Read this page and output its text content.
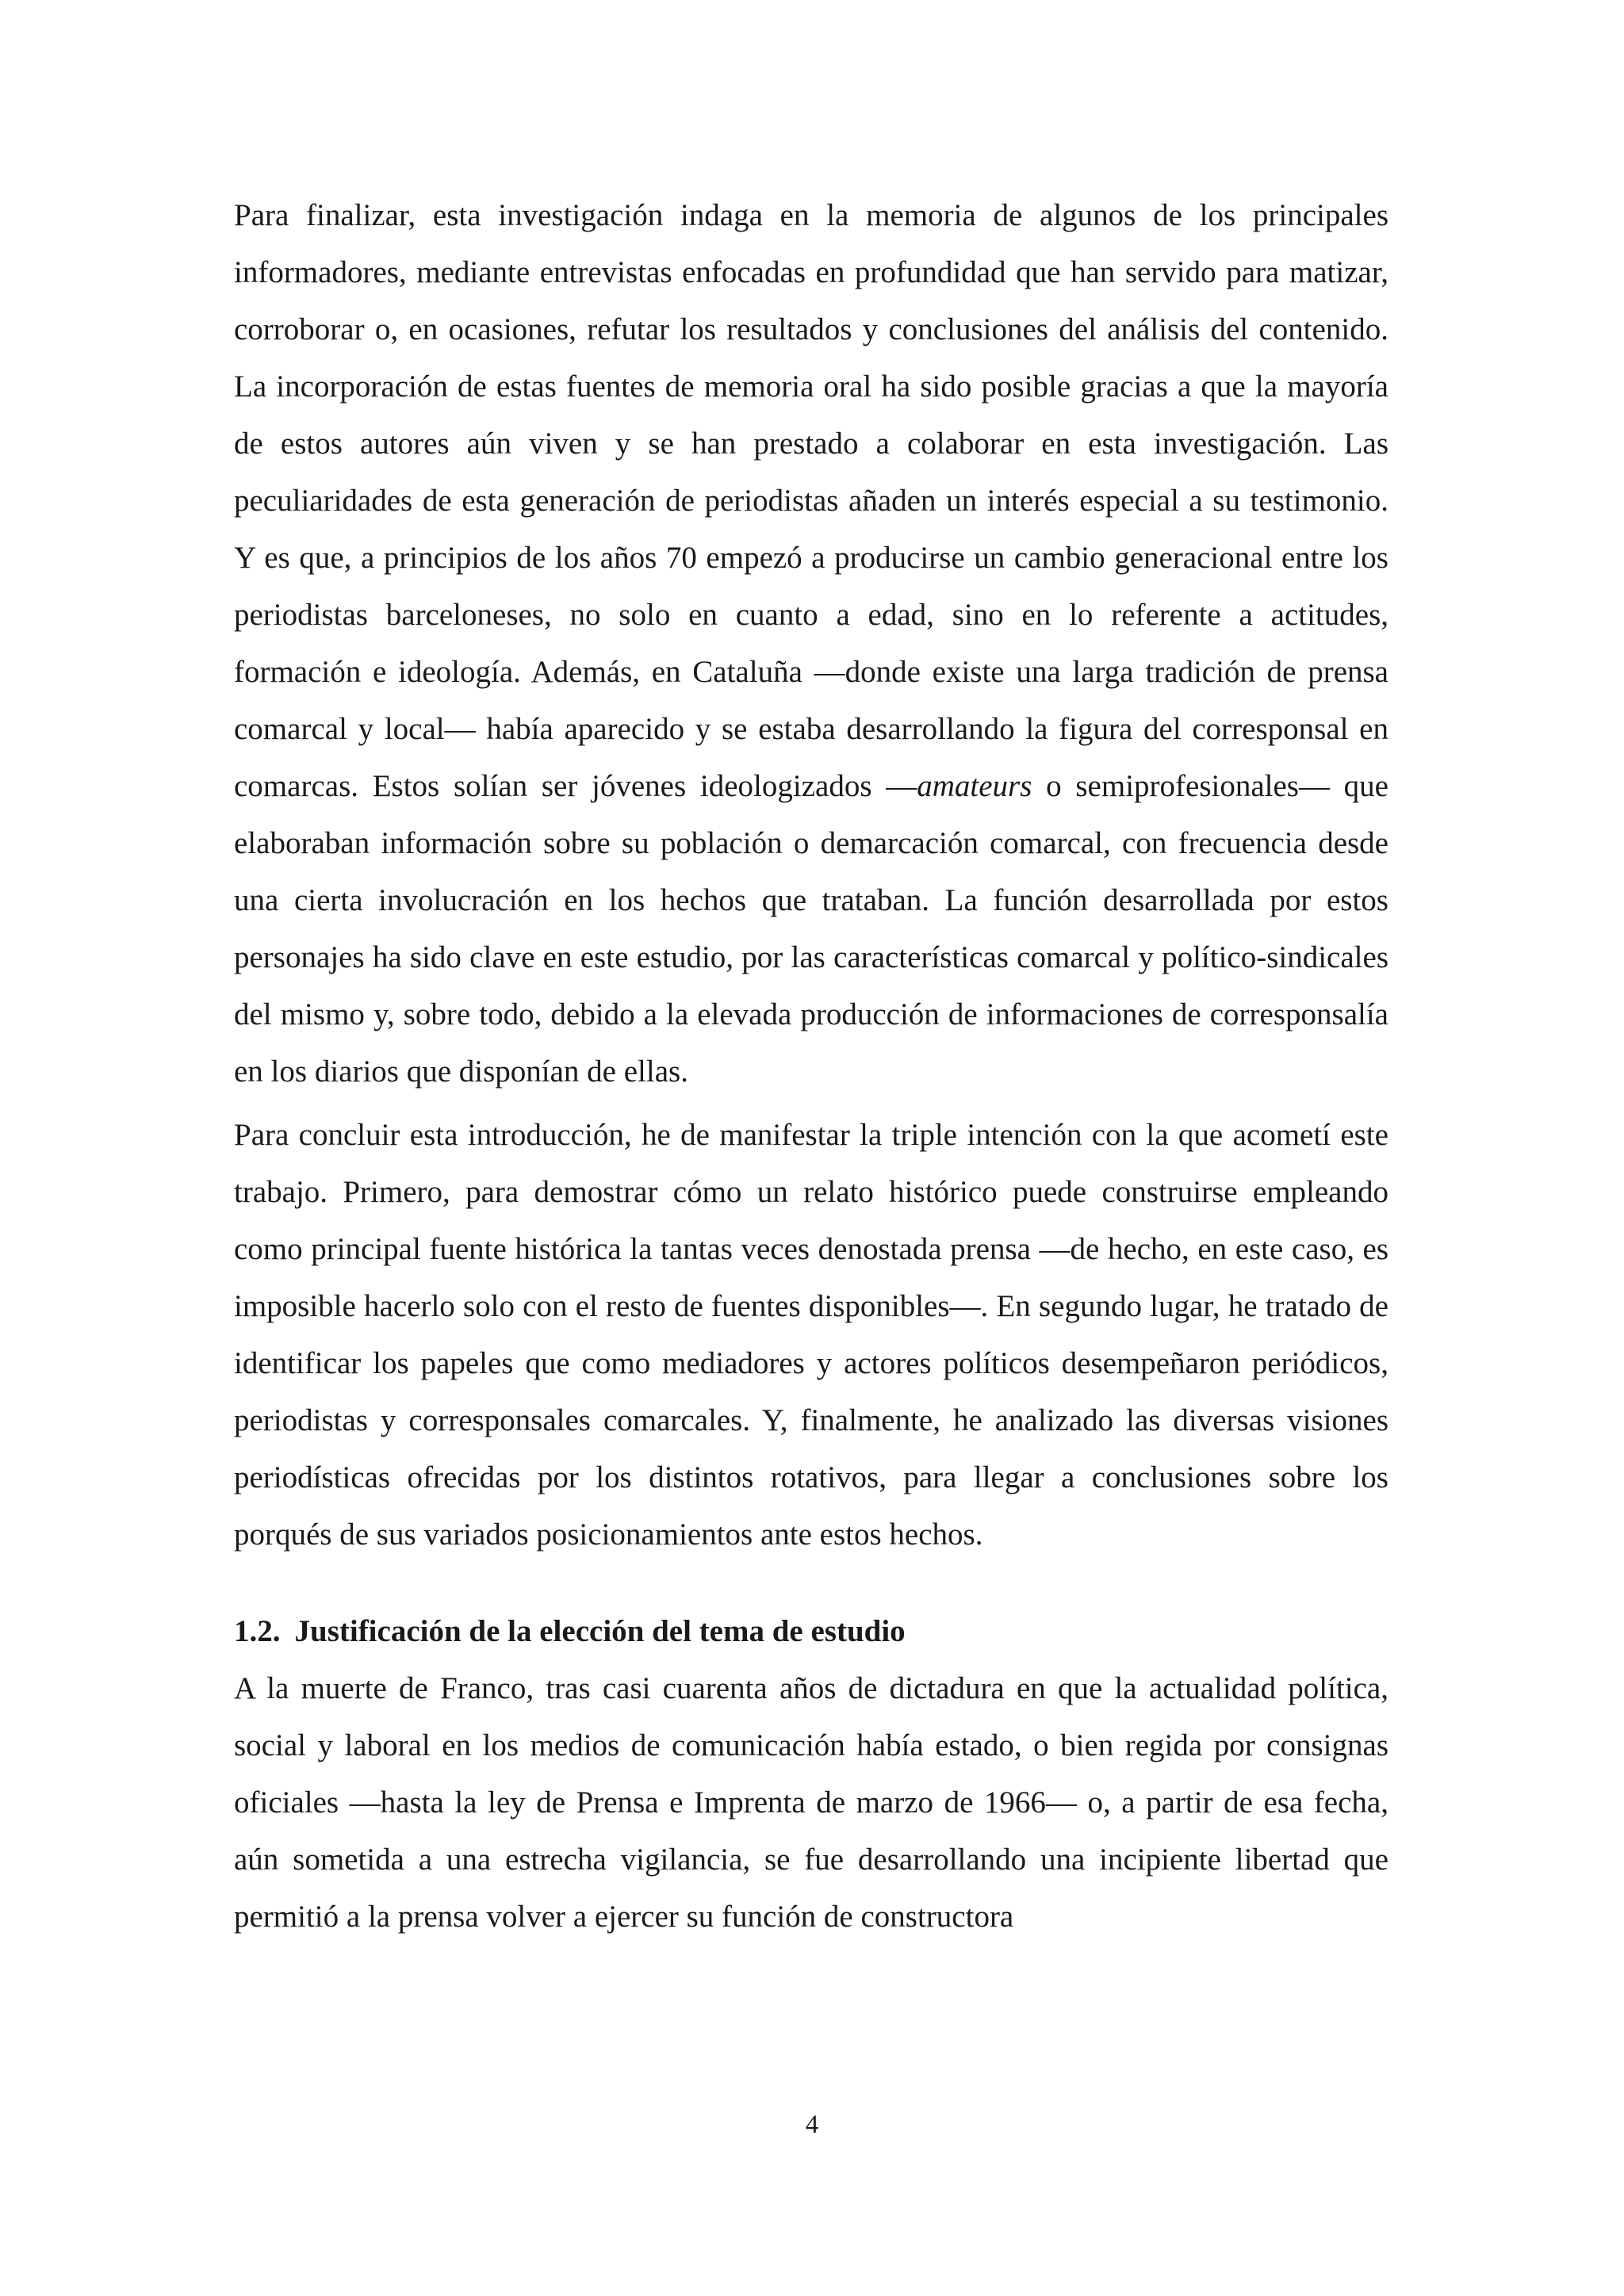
Para finalizar, esta investigación indaga en la memoria de algunos de los principales informadores, mediante entrevistas enfocadas en profundidad que han servido para matizar, corroborar o, en ocasiones, refutar los resultados y conclusiones del análisis del contenido. La incorporación de estas fuentes de memoria oral ha sido posible gracias a que la mayoría de estos autores aún viven y se han prestado a colaborar en esta investigación. Las peculiaridades de esta generación de periodistas añaden un interés especial a su testimonio. Y es que, a principios de los años 70 empezó a producirse un cambio generacional entre los periodistas barceloneses, no solo en cuanto a edad, sino en lo referente a actitudes, formación e ideología. Además, en Cataluña —donde existe una larga tradición de prensa comarcal y local— había aparecido y se estaba desarrollando la figura del corresponsal en comarcas. Estos solían ser jóvenes ideologizados —amateurs o semiprofesionales— que elaboraban información sobre su población o demarcación comarcal, con frecuencia desde una cierta involucración en los hechos que trataban. La función desarrollada por estos personajes ha sido clave en este estudio, por las características comarcal y político-sindicales del mismo y, sobre todo, debido a la elevada producción de informaciones de corresponsalía en los diarios que disponían de ellas.

Para concluir esta introducción, he de manifestar la triple intención con la que acometí este trabajo. Primero, para demostrar cómo un relato histórico puede construirse empleando como principal fuente histórica la tantas veces denostada prensa —de hecho, en este caso, es imposible hacerlo solo con el resto de fuentes disponibles—. En segundo lugar, he tratado de identificar los papeles que como mediadores y actores políticos desempeñaron periódicos, periodistas y corresponsales comarcales. Y, finalmente, he analizado las diversas visiones periodísticas ofrecidas por los distintos rotativos, para llegar a conclusiones sobre los porqués de sus variados posicionamientos ante estos hechos.

1.2. Justificación de la elección del tema de estudio

A la muerte de Franco, tras casi cuarenta años de dictadura en que la actualidad política, social y laboral en los medios de comunicación había estado, o bien regida por consignas oficiales —hasta la ley de Prensa e Imprenta de marzo de 1966— o, a partir de esa fecha, aún sometida a una estrecha vigilancia, se fue desarrollando una incipiente libertad que permitió a la prensa volver a ejercer su función de constructora

4
